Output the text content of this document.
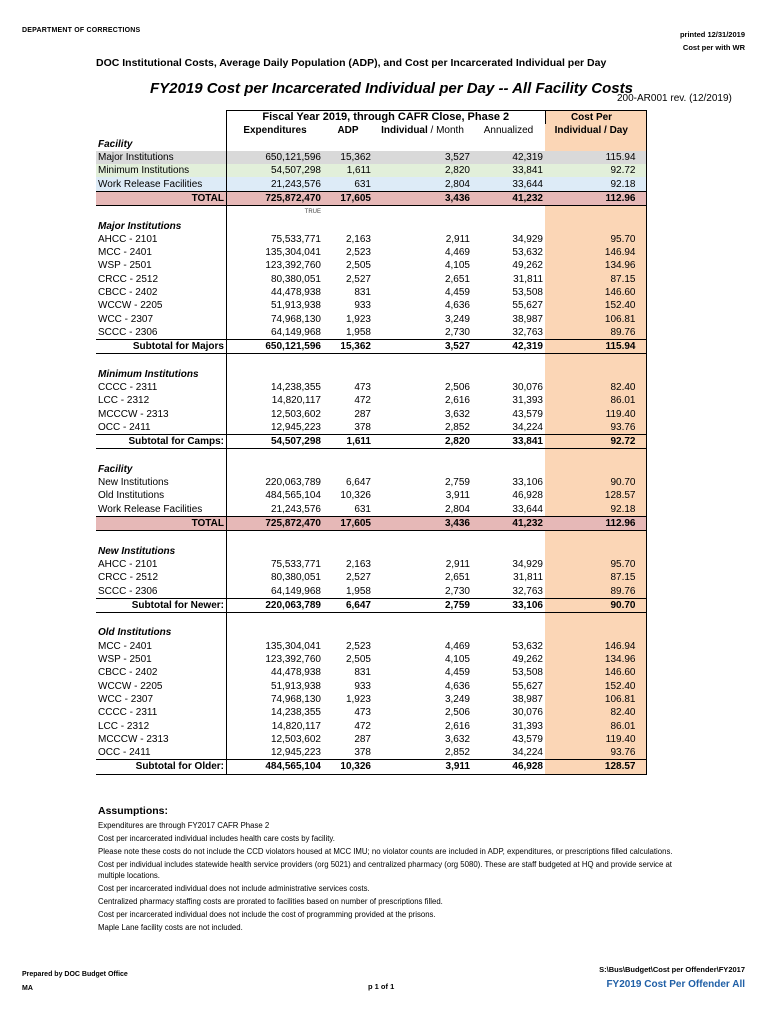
DEPARTMENT OF CORRECTIONS	printed 12/31/2019
Cost per with WR
DOC Institutional Costs, Average Daily Population (ADP), and Cost per Incarcerated Individual per Day
FY2019 Cost per Incarcerated Individual per Day -- All Facility Costs
200-AR001 rev. (12/2019)
	Fiscal Year 2019, through CAFR Close, Phase 2				Cost Per
	Expenditures	ADP	Individual / Month	Annualized	Individual / Day
Facility					
Major Institutions	650,121,596	15,362	3,527	42,319	115.94
Minimum Institutions	54,507,298	1,611	2,820	33,841	92.72
Work Release Facilities	21,243,576	631	2,804	33,644	92.18
TOTAL	725,872,470	17,605	3,436	41,232	112.96
	TRUE				
Major Institutions					
AHCC - 2101	75,533,771	2,163	2,911	34,929	95.70
MCC - 2401	135,304,041	2,523	4,469	53,632	146.94
WSP - 2501	123,392,760	2,505	4,105	49,262	134.96
CRCC - 2512	80,380,051	2,527	2,651	31,811	87.15
CBCC - 2402	44,478,938	831	4,459	53,508	146.60
WCCW - 2205	51,913,938	933	4,636	55,627	152.40
WCC - 2307	74,968,130	1,923	3,249	38,987	106.81
SCCC - 2306	64,149,968	1,958	2,730	32,763	89.76
Subtotal for Majors	650,121,596	15,362	3,527	42,319	115.94

Minimum Institutions					
CCCC - 2311	14,238,355	473	2,506	30,076	82.40
LCC - 2312	14,820,117	472	2,616	31,393	86.01
MCCCW - 2313	12,503,602	287	3,632	43,579	119.40
OCC - 2411	12,945,223	378	2,852	34,224	93.76
Subtotal for Camps:	54,507,298	1,611	2,820	33,841	92.72

Facility					
New Institutions	220,063,789	6,647	2,759	33,106	90.70
Old Institutions	484,565,104	10,326	3,911	46,928	128.57
Work Release Facilities	21,243,576	631	2,804	33,644	92.18
TOTAL	725,872,470	17,605	3,436	41,232	112.96

New Institutions					
AHCC - 2101	75,533,771	2,163	2,911	34,929	95.70
CRCC - 2512	80,380,051	2,527	2,651	31,811	87.15
SCCC - 2306	64,149,968	1,958	2,730	32,763	89.76
Subtotal for Newer:	220,063,789	6,647	2,759	33,106	90.70

Old Institutions					
MCC - 2401	135,304,041	2,523	4,469	53,632	146.94
WSP - 2501	123,392,760	2,505	4,105	49,262	134.96
CBCC - 2402	44,478,938	831	4,459	53,508	146.60
WCCW - 2205	51,913,938	933	4,636	55,627	152.40
WCC - 2307	74,968,130	1,923	3,249	38,987	106.81
CCCC - 2311	14,238,355	473	2,506	30,076	82.40
LCC - 2312	14,820,117	472	2,616	31,393	86.01
MCCCW - 2313	12,503,602	287	3,632	43,579	119.40
OCC - 2411	12,945,223	378	2,852	34,224	93.76
Subtotal for Older:	484,565,104	10,326	3,911	46,928	128.57
Assumptions:

Expenditures are through FY2017 CAFR Phase 2

Cost per incarcerated individual includes health care costs by facility.

Please note these costs do not include the CCD violators housed at MCC IMU; no violator counts are included in ADP, expenditures, or prescriptions filled calculations.

Cost per individual includes statewide health service providers (org 5021) and centralized pharmacy (org 5080). These are staff budgeted at HQ and provide service at multiple locations.

Cost per incarcerated individual does not include administrative services costs.

Centralized pharmacy staffing costs are prorated to facilities based on number of prescriptions filled.

Cost per incarcerated individual does not include the cost of programming provided at the prisons.

Maple Lane facility costs are not included.

Prepared by DOC Budget Office
MA	p 1 of 1
S:\Bus\Budget\Cost per Offender\FY2017
FY2019 Cost Per Offender All
